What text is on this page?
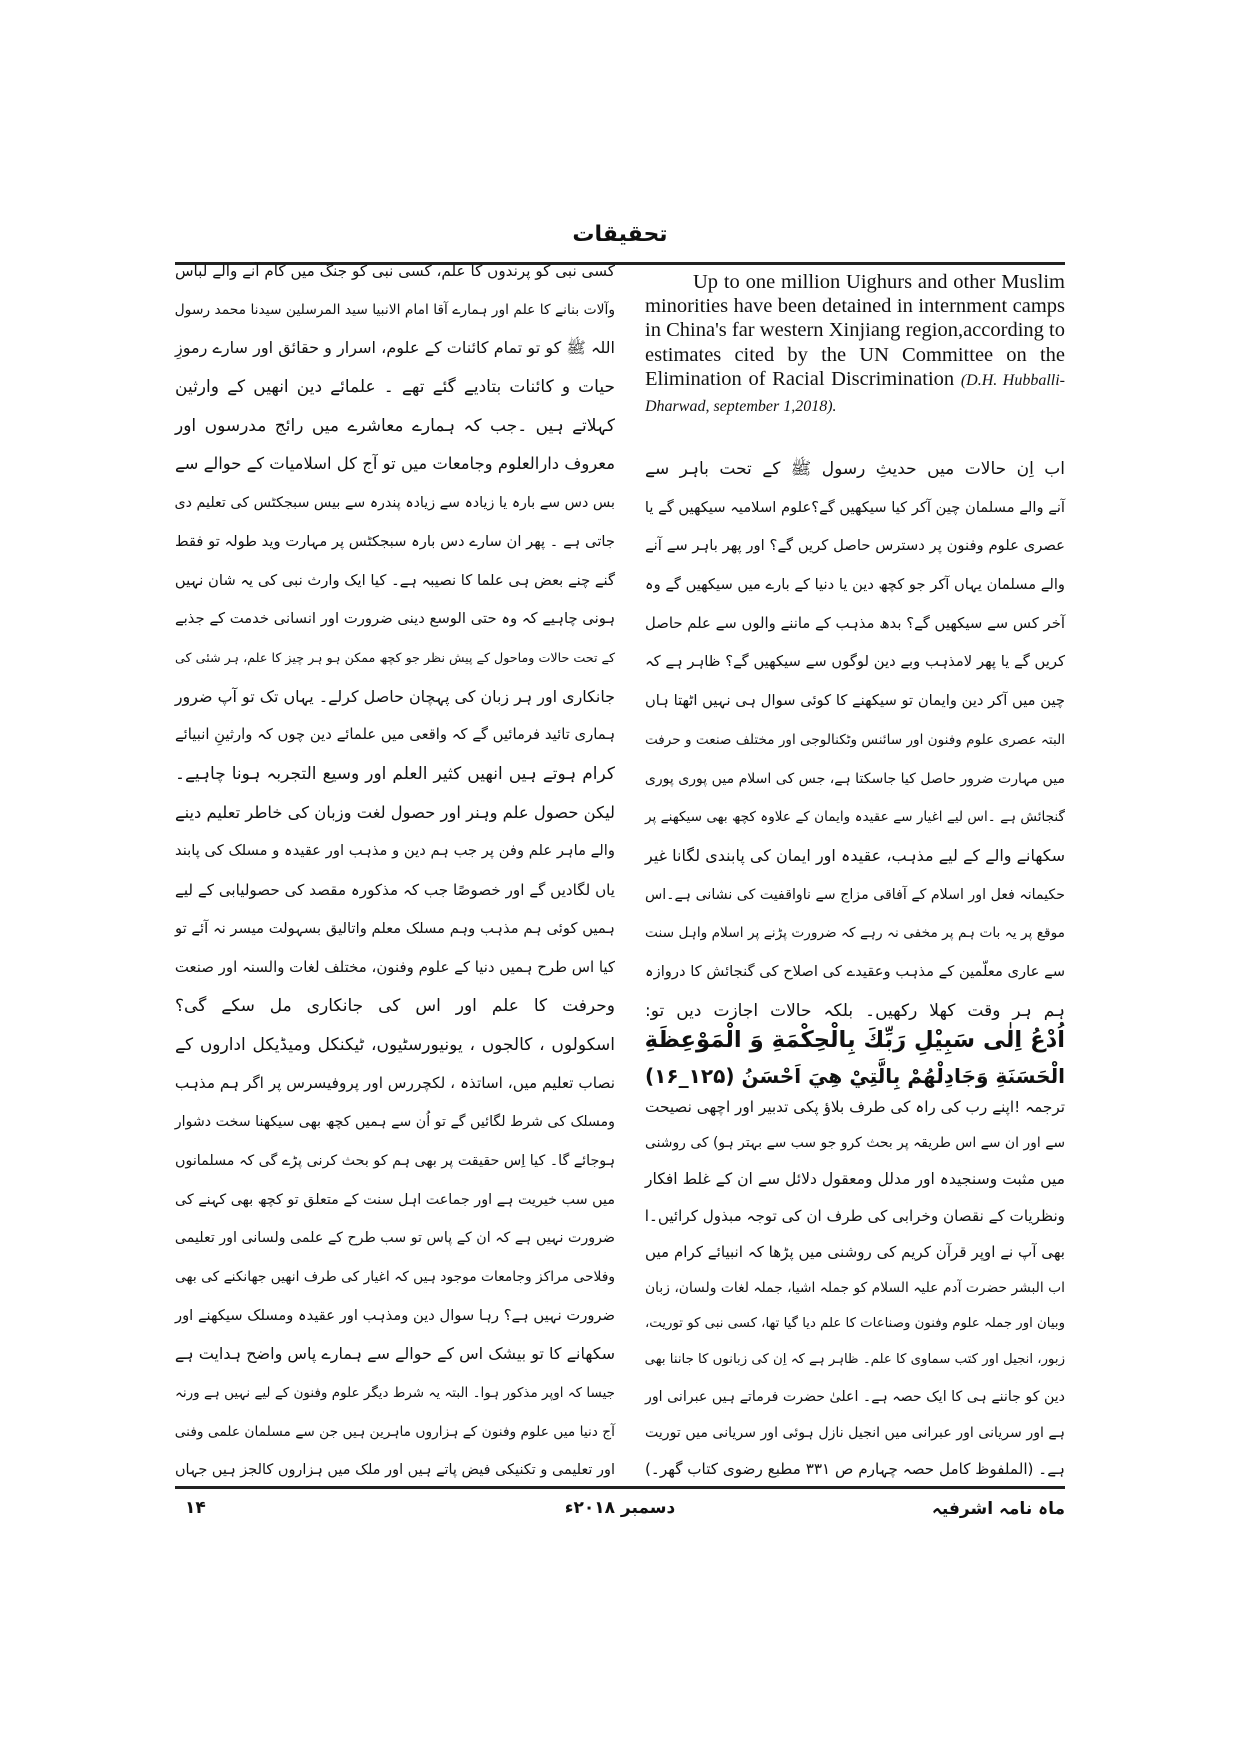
تحقیقات
کسی نبی کو پرندوں کا علم، کسی نبی کو جنگ میں کام آنے والے لباس
وآلات بنانے کا علم اور ہمارے آقا امام الانبیا سید المرسلین سیدنا محمد رسول
اللہ ﷺ کو تو تمام کائنات کے علوم، اسرار و حقائق اور سارے رموزِ
حیات و کائنات بتادیے گئے تھے ۔ علمائے دین انھیں کے وارثین
کہلاتے ہیں ۔جب کہ ہمارے معاشرے میں رائج مدرسوں اور
معروف دارالعلوم وجامعات میں تو آج کل اسلامیات کے حوالے سے
بس دس سے بارہ یا زیادہ سے زیادہ پندرہ سے بیس سبجکٹس کی تعلیم دی
جاتی ہے ۔ پھر ان سارے دس بارہ سبجکٹس پر مہارت وید طولہ تو فقط
گنے چنے بعض ہی علما کا نصیبہ ہے۔ کیا ایک وارث نبی کی یہ شان نہیں
ہونی چاہیے کہ وہ حتی الوسع دینی ضرورت اور انسانی خدمت کے جذبے
کے تحت حالات وماحول کے پیش نظر جو کچھ ممکن ہو ہر چیز کا علم، ہر شئی کی
جانکاری اور ہر زبان کی پہچان حاصل کرلے۔ یہاں تک تو آپ ضرور
ہماری تائید فرمائیں گے کہ واقعی میں علمائے دین چوں کہ وارثینِ انبیائے
کرام ہوتے ہیں انھیں کثیر العلم اور وسیع التجربہ ہونا چاہیے۔
لیکن حصول علم وہنر اور حصول لغت وزبان کی خاطر تعلیم دینے
والے ماہر علم وفن پر جب ہم دین و مذہب اور عقیدہ و مسلک کی پابند
یاں لگادیں گے اور خصوصًا جب کہ مذکورہ مقصد کی حصولیابی کے لیے
ہمیں کوئی ہم مذہب وہم مسلک معلم واتالیق بسہولت میسر نہ آئے تو
کیا اس طرح ہمیں دنیا کے علوم وفنون، مختلف لغات والسنہ اور صنعت
وحرفت کا علم اور اس کی جانکاری مل سکے گی؟
اسکولوں ، کالجوں ، یونیورسٹیوں، ٹیکنکل ومیڈیکل اداروں کے
نصاب تعلیم میں، اساتذہ ، لکچررس اور پروفیسرس پر اگر ہم مذہب
ومسلک کی شرط لگائیں گے تو اُن سے ہمیں کچھ بھی سیکھنا سخت دشوار
ہوجائے گا۔ کیا اِس حقیقت پر بھی ہم کو بحث کرنی پڑے گی کہ مسلمانوں
میں سب خیریت ہے اور جماعت اہل سنت کے متعلق تو کچھ بھی کہنے کی
ضرورت نہیں ہے کہ ان کے پاس تو سب طرح کے علمی ولسانی اور تعلیمی
وفلاحی مراکز وجامعات موجود ہیں کہ اغیار کی طرف انھیں جھانکنے کی بھی
ضرورت نہیں ہے؟ رہا سوال دین ومذہب اور عقیدہ ومسلک سیکھنے اور
سکھانے کا تو بیشک اس کے حوالے سے ہمارے پاس واضح ہدایت ہے
جیسا کہ اوپر مذکور ہوا۔ البتہ یہ شرط دیگر علوم وفنون کے لیے نہیں ہے ورنہ
آج دنیا میں علوم وفنون کے ہزاروں ماہرین ہیں جن سے مسلمان علمی وفنی
اور تعلیمی و تکنیکی فیض پاتے ہیں اور ملک میں ہزاروں کالجز ہیں جہاں

Up to one million Uighurs and other Muslim minorities have been detained in internment camps in China's far western Xinjiang region,according to estimates cited by the UN Committee on the Elimination of Racial Discrimination (D.H. Hubballi-Dharwad, september 1,2018).

اب اِن حالات میں حدیثِ رسول ﷺ کے تحت باہر سے
آنے والے مسلمان چین آکر کیا سیکھیں گے؟علوم اسلامیہ سیکھیں گے یا
عصری علوم وفنون پر دسترس حاصل کریں گے؟ اور پھر باہر سے آنے
والے مسلمان یہاں آکر جو کچھ دین یا دنیا کے بارے میں سیکھیں گے وہ
آخر کس سے سیکھیں گے؟ بدھ مذہب کے ماننے والوں سے علم حاصل
کریں گے یا پھر لامذہب وبے دین لوگوں سے سیکھیں گے؟ ظاہر ہے کہ
چین میں آکر دین وایمان تو سیکھنے کا کوئی سوال ہی نہیں اٹھتا ہاں
البتہ عصری علوم وفنون اور سائنس وٹکنالوجی اور مختلف صنعت و حرفت
میں مہارت ضرور حاصل کیا جاسکتا ہے، جس کی اسلام میں پوری پوری
گنجائش ہے ۔اس لیے اغیار سے عقیدہ وایمان کے علاوہ کچھ بھی سیکھنے پر
سکھانے والے کے لیے مذہب، عقیدہ اور ایمان کی پابندی لگانا غیر
حکیمانہ فعل اور اسلام کے آفاقی مزاج سے ناواقفیت کی نشانی ہے۔اس
موقع پر یہ بات ہم پر مخفی نہ رہے کہ ضرورت پڑنے پر اسلام واہل سنت
سے عاری معلّمین کے مذہب وعقیدے کی اصلاح کی گنجائش کا دروازہ
ہم ہر وقت کھلا رکھیں۔ بلکہ حالات اجازت دیں تو:
اُدْعُ اِلٰى سَبِيْلِ رَبِّكَ بِالْحِكْمَةِ وَ الْمَوْعِظَةِ
الْحَسَنَةِ وَجَادِلْهُمْ بِالَّتِيْ هِيَ اَحْسَنُ (۱۲۵_۱۶)
ترجمہ !اپنے رب کی راہ کی طرف بلاؤ پکی تدبیر اور اچھی نصیحت
سے اور ان سے اس طریقہ پر بحث کرو جو سب سے بہتر ہو) کی روشنی
میں مثبت وسنجیدہ اور مدلل ومعقول دلائل سے ان کے غلط افکار
ونظریات کے نقصان وخرابی کی طرف ان کی توجہ مبذول کرائیں۔ا
بھی آپ نے اوپر قرآن کریم کی روشنی میں پڑھا کہ انبیائے کرام میں
اب البشر حضرت آدم علیہ السلام کو جملہ اشیا، جملہ لغات ولسان، زبان
وبیان اور جملہ علوم وفنون وصناعات کا علم دیا گیا تھا، کسی نبی کو توریت،
زبور، انجیل اور کتب سماوی کا علم۔ ظاہر ہے کہ اِن کی زبانوں کا جاننا بھی
دین کو جاننے ہی کا ایک حصہ ہے۔ اعلیٰ حضرت فرماتے ہیں عبرانی اور
ہے اور سریانی اور عبرانی میں انجیل نازل ہوئی اور سریانی میں توریت
ہے۔ (الملفوظ کامل حصہ چہارم ص ۳۳۱ مطبع رضوی کتاب گھر۔)
ماہ نامہ اشرفیہ
دسمبر ۲۰۱۸ء
۱۴
